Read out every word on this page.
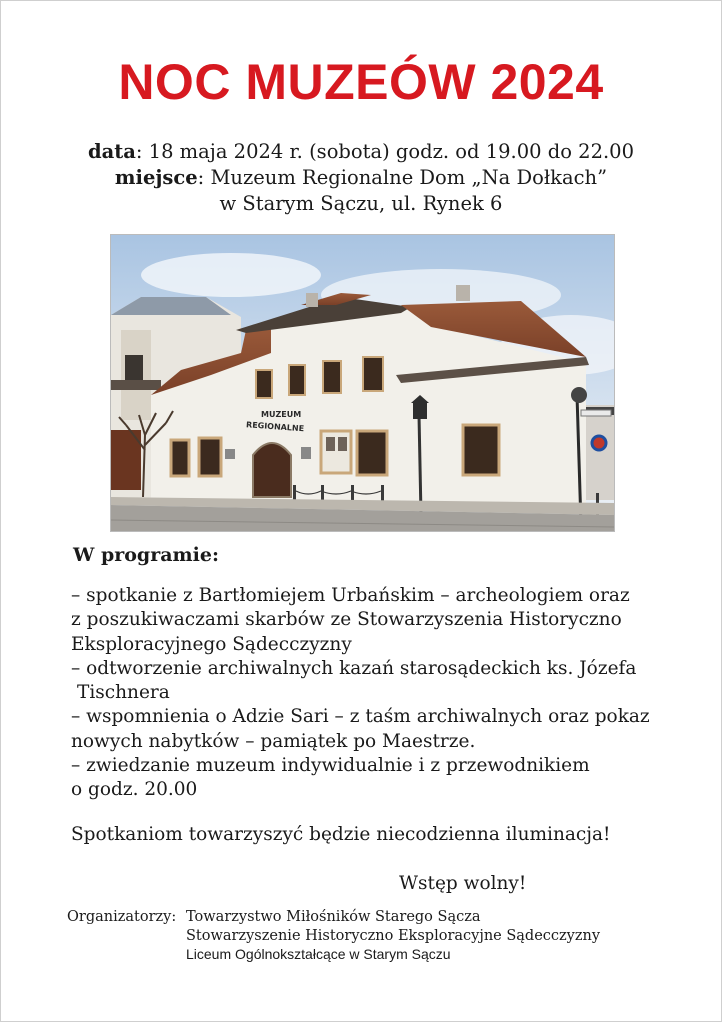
NOC MUZEÓW 2024
data: 18 maja 2024 r. (sobota) godz. od 19.00 do 22.00
miejsce: Muzeum Regionalne Dom „Na Dołkach”
w Starym Sączu, ul. Rynek 6
MUZEUM
REGIONALNE
W programie:
– spotkanie z Bartłomiejem Urbańskim – archeologiem oraz
z poszukiwaczami skarbów ze Stowarzyszenia Historyczno
Eksploracyjnego Sądecczyzny
– odtworzenie archiwalnych kazań starosądeckich ks. Józefa
Tischnera
– wspomnienia o Adzie Sari – z taśm archiwalnych oraz pokaz
nowych nabytków – pamiątek po Maestrze.
– zwiedzanie muzeum indywidualnie i z przewodnikiem
o godz. 20.00
Spotkaniom towarzyszyć będzie niecodzienna iluminacja!
Wstęp wolny!
Organizatorzy: Towarzystwo Miłośników Starego Sącza
Stowarzyszenie Historyczno Eksploracyjne Sądecczyzny
Liceum Ogólnokształcące w Starym Sączu
